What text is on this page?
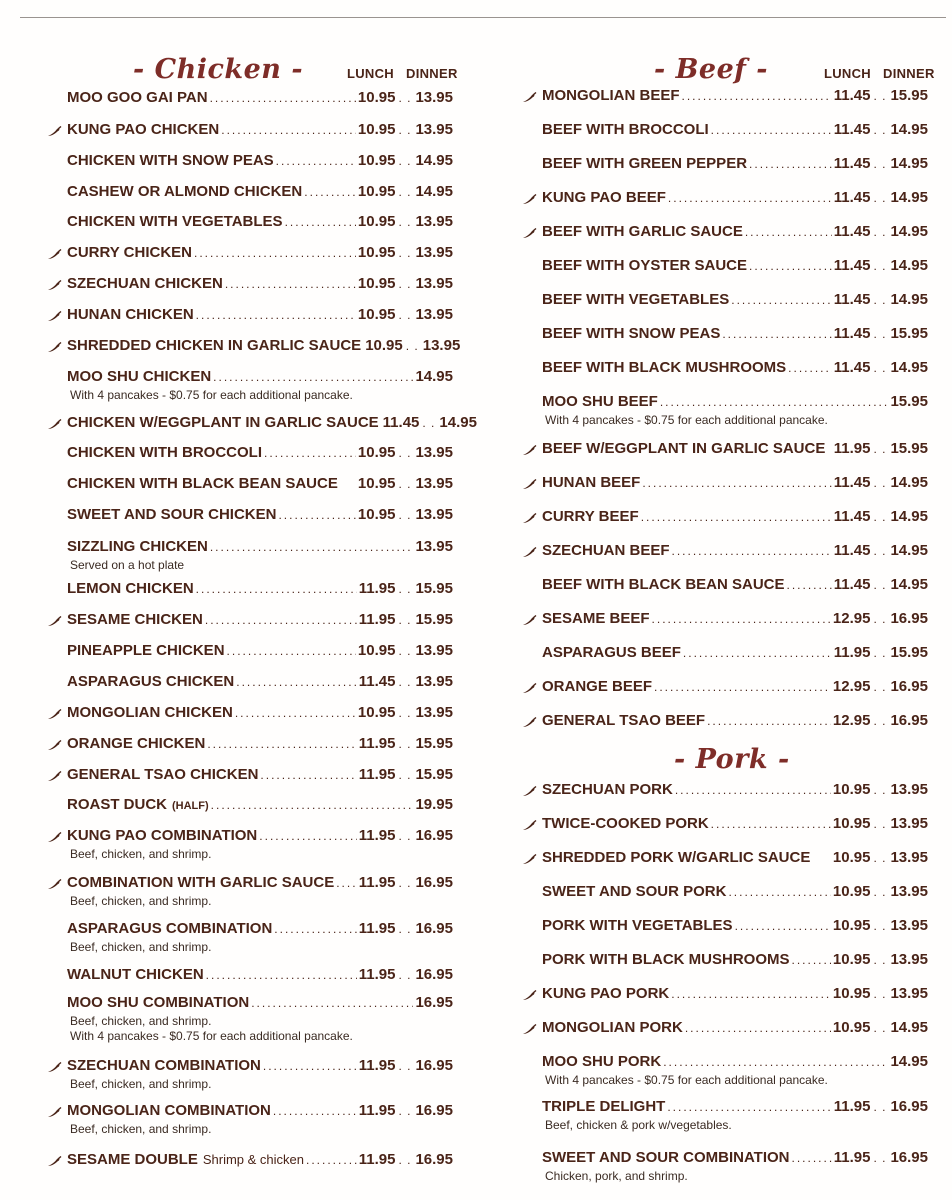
- Chicken -	LUNCH DINNER
MOO GOO GAI PAN .....	10.95 . . 13.95
KUNG PAO CHICKEN .....	10.95 . . 13.95
CHICKEN WITH SNOW PEAS .....	10.95 . . 14.95
CASHEW OR ALMOND CHICKEN .....	10.95 . . 14.95
CHICKEN WITH VEGETABLES .....	10.95 . . 13.95
CURRY CHICKEN .....	10.95 . . 13.95
SZECHUAN CHICKEN .....	10.95 . . 13.95
HUNAN CHICKEN .....	10.95 . . 13.95
SHREDDED CHICKEN IN GARLIC SAUCE 10.95 . . 13.95
MOO SHU CHICKEN .....	14.95
With 4 pancakes - $0.75 for each additional pancake.
CHICKEN W/EGGPLANT IN GARLIC SAUCE 11.45 . . 14.95
CHICKEN WITH BROCCOLI .....	10.95 . . 13.95
CHICKEN WITH BLACK BEAN SAUCE 10.95 . . 13.95
SWEET AND SOUR CHICKEN .....	10.95 . . 13.95
SIZZLING CHICKEN .....	13.95
Served on a hot plate
LEMON CHICKEN .....	11.95 . . 15.95
SESAME CHICKEN .....	11.95 . . 15.95
PINEAPPLE CHICKEN .....	10.95 . . 13.95
ASPARAGUS CHICKEN .....	11.45 . . 13.95
MONGOLIAN CHICKEN .....	10.95 . . 13.95
ORANGE CHICKEN .....	11.95 . . 15.95
GENERAL TSAO CHICKEN .....	11.95 . . 15.95
ROAST DUCK (HALF) .....	19.95
KUNG PAO COMBINATION .....	11.95 . . 16.95
Beef, chicken, and shrimp.
COMBINATION WITH GARLIC SAUCE ..... 11.95 . . 16.95
Beef, chicken, and shrimp.
ASPARAGUS COMBINATION .....	11.95 . . 16.95
Beef, chicken, and shrimp.
WALNUT CHICKEN .....	11.95 . . 16.95
MOO SHU COMBINATION .....	16.95
Beef, chicken, and shrimp.
With 4 pancakes - $0.75 for each additional pancake.
SZECHUAN COMBINATION .....	11.95 . . 16.95
Beef, chicken, and shrimp.
MONGOLIAN COMBINATION .....	11.95 . . 16.95
Beef, chicken, and shrimp.
SESAME DOUBLE Shrimp & chicken .....	11.95 . . 16.95
- Beef -	LUNCH DINNER
MONGOLIAN BEEF .....	11.45 . . 15.95
BEEF WITH BROCCOLI .....	11.45 . . 14.95
BEEF WITH GREEN PEPPER .....	11.45 . . 14.95
KUNG PAO BEEF .....	11.45 . . 14.95
BEEF WITH GARLIC SAUCE .....	11.45 . . 14.95
BEEF WITH OYSTER SAUCE .....	11.45 . . 14.95
BEEF WITH VEGETABLES .....	11.45 . . 14.95
BEEF WITH SNOW PEAS .....	11.45 . . 15.95
BEEF WITH BLACK MUSHROOMS .....	11.45 . . 14.95
MOO SHU BEEF .....	15.95
With 4 pancakes - $0.75 for each additional pancake.
BEEF W/EGGPLANT IN GARLIC SAUCE 11.95 . . 15.95
HUNAN BEEF .....	11.45 . . 14.95
CURRY BEEF .....	11.45 . . 14.95
SZECHUAN BEEF .....	11.45 . . 14.95
BEEF WITH BLACK BEAN SAUCE .....	11.45 . . 14.95
SESAME BEEF .....	12.95 . . 16.95
ASPARAGUS BEEF .....	11.95 . . 15.95
ORANGE BEEF .....	12.95 . . 16.95
GENERAL TSAO BEEF .....	12.95 . . 16.95
- Pork -
SZECHUAN PORK .....	10.95 . . 13.95
TWICE-COOKED PORK .....	10.95 . . 13.95
SHREDDED PORK W/GARLIC SAUCE 10.95 . . 13.95
SWEET AND SOUR PORK .....	10.95 . . 13.95
PORK WITH VEGETABLES .....	10.95 . . 13.95
PORK WITH BLACK MUSHROOMS .....	10.95 . . 13.95
KUNG PAO PORK .....	10.95 . . 13.95
MONGOLIAN PORK .....	10.95 . . 14.95
MOO SHU PORK .....	14.95
With 4 pancakes - $0.75 for each additional pancake.
TRIPLE DELIGHT .....	11.95 . . 16.95
Beef, chicken & pork w/vegetables.
SWEET AND SOUR COMBINATION .....	11.95 . . 16.95
Chicken, pork, and shrimp.
